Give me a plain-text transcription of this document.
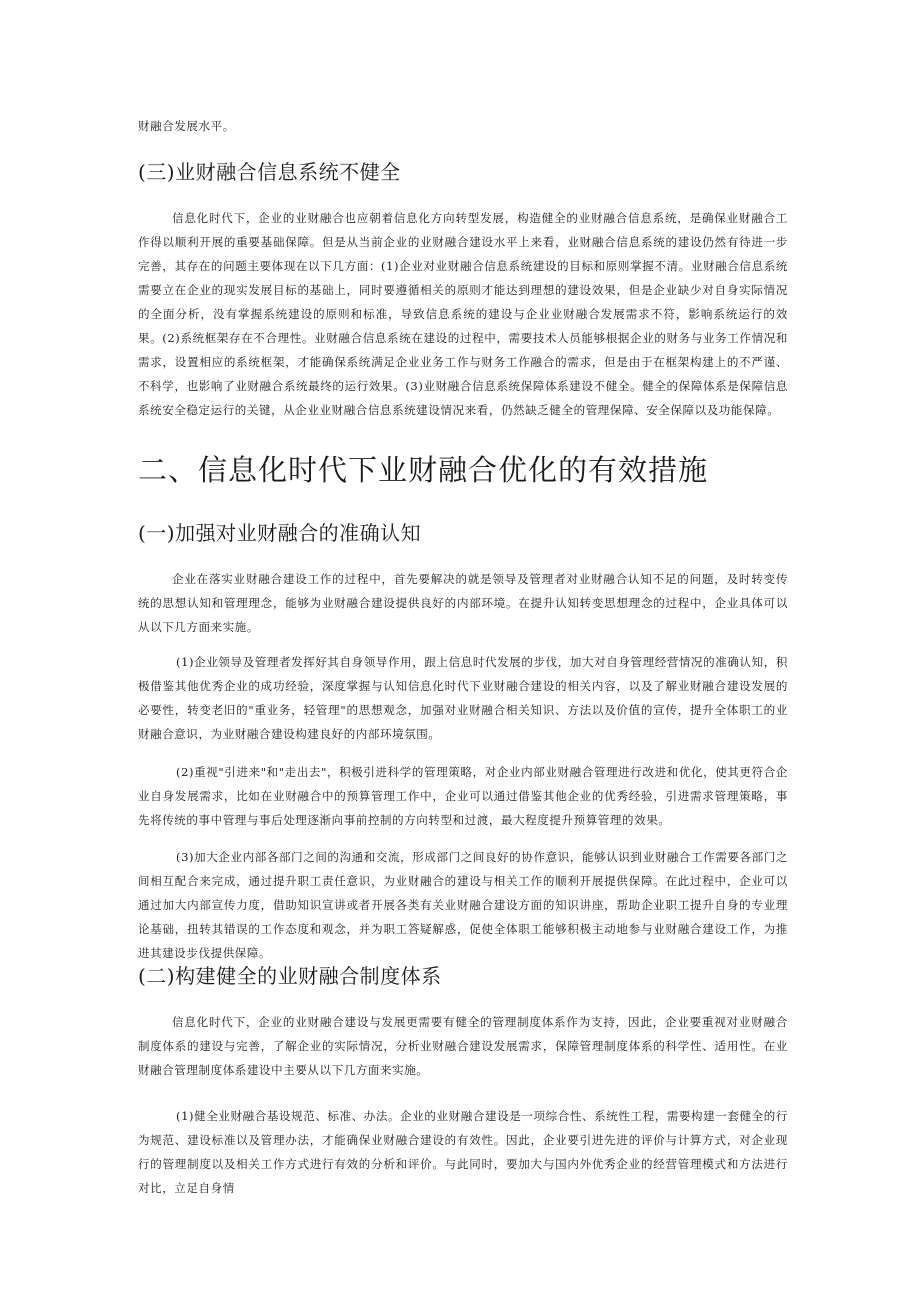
财融合发展水平。

(三)业财融合信息系统不健全

信息化时代下，企业的业财融合也应朝着信息化方向转型发展，构造健全的业财融合信息系统，是确保业财融合工作得以顺利开展的重要基础保障。但是从当前企业的业财融合建设水平上来看，业财融合信息系统的建设仍然有待进一步完善，其存在的问题主要体现在以下几方面：(1)企业对业财融合信息系统建设的目标和原则掌握不清。业财融合信息系统需要立在企业的现实发展目标的基础上，同时要遵循相关的原则才能达到理想的建设效果，但是企业缺少对自身实际情况的全面分析，没有掌握系统建设的原则和标准，导致信息系统的建设与企业业财融合发展需求不符，影响系统运行的效果。(2)系统框架存在不合理性。业财融合信息系统在建设的过程中，需要技术人员能够根据企业的财务与业务工作情况和需求，设置相应的系统框架，才能确保系统满足企业业务工作与财务工作融合的需求，但是由于在框架构建上的不严谨、不科学，也影响了业财融合系统最终的运行效果。(3)业财融合信息系统保障体系建设不健全。健全的保障体系是保障信息系统安全稳定运行的关键，从企业业财融合信息系统建设情况来看，仍然缺乏健全的管理保障、安全保障以及功能保障。

二、信息化时代下业财融合优化的有效措施
(一)加强对业财融合的准确认知

企业在落实业财融合建设工作的过程中，首先要解决的就是领导及管理者对业财融合认知不足的问题，及时转变传统的思想认知和管理理念，能够为业财融合建设提供良好的内部环境。在提升认知转变思想理念的过程中，企业具体可以从以下几方面来实施。

(1)企业领导及管理者发挥好其自身领导作用，跟上信息时代发展的步伐，加大对自身管理经营情况的准确认知，积极借鉴其他优秀企业的成功经验，深度掌握与认知信息化时代下业财融合建设的相关内容，以及了解业财融合建设发展的必要性，转变老旧的"重业务，轻管理"的思想观念，加强对业财融合相关知识、方法以及价值的宣传，提升全体职工的业财融合意识，为业财融合建设构建良好的内部环境氛围。

(2)重视"引进来"和"走出去"，积极引进科学的管理策略，对企业内部业财融合管理进行改进和优化，使其更符合企业自身发展需求，比如在业财融合中的预算管理工作中，企业可以通过借鉴其他企业的优秀经验，引进需求管理策略，事先将传统的事中管理与事后处理逐渐向事前控制的方向转型和过渡，最大程度提升预算管理的效果。

(3)加大企业内部各部门之间的沟通和交流，形成部门之间良好的协作意识，能够认识到业财融合工作需要各部门之间相互配合来完成，通过提升职工责任意识，为业财融合的建设与相关工作的顺利开展提供保障。在此过程中，企业可以通过加大内部宣传力度，借助知识宣讲或者开展各类有关业财融合建设方面的知识讲座，帮助企业职工提升自身的专业理论基础，扭转其错误的工作态度和观念，并为职工答疑解惑，促使全体职工能够积极主动地参与业财融合建设工作，为推进其建设步伐提供保障。

(二)构建健全的业财融合制度体系

信息化时代下，企业的业财融合建设与发展更需要有健全的管理制度体系作为支持，因此，企业要重视对业财融合制度体系的建设与完善，了解企业的实际情况，分析业财融合建设发展需求，保障管理制度体系的科学性、适用性。在业财融合管理制度体系建设中主要从以下几方面来实施。

(1)健全业财融合基设规范、标准、办法。企业的业财融合建设是一项综合性、系统性工程，需要构建一套健全的行为规范、建设标准以及管理办法，才能确保业财融合建设的有效性。因此，企业要引进先进的评价与计算方式，对企业现行的管理制度以及相关工作方式进行有效的分析和评价。与此同时，要加大与国内外优秀企业的经营管理模式和方法进行对比，立足自身情
